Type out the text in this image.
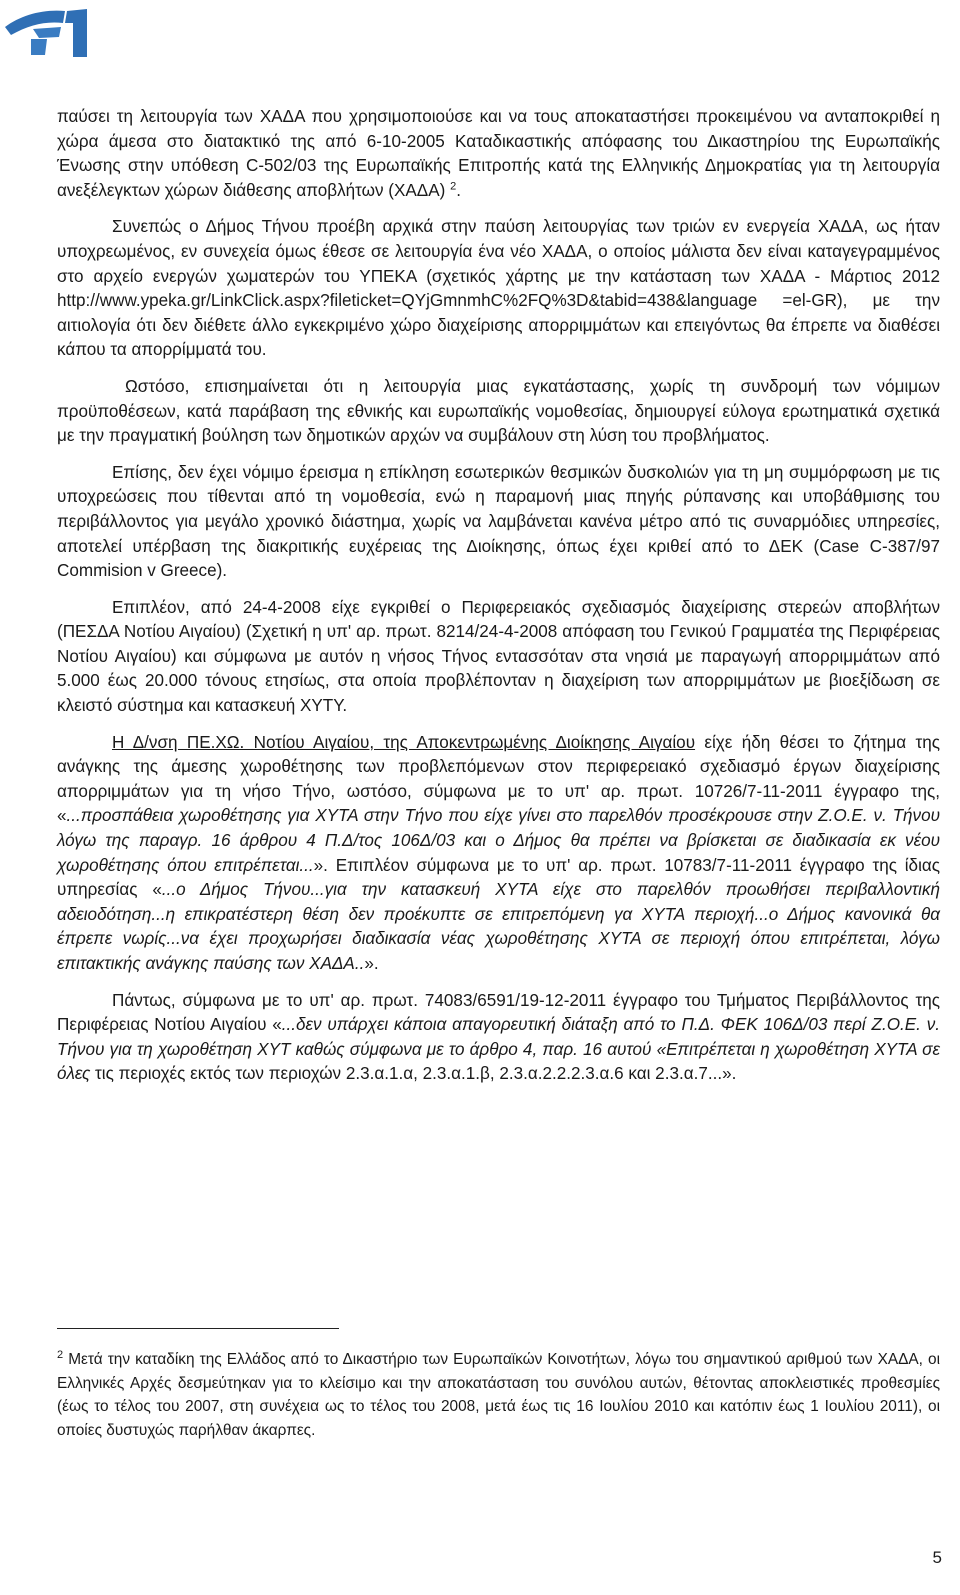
παύσει τη λειτουργία των ΧΑΔΑ που χρησιμοποιούσε και να τους αποκαταστήσει προκειμένου να ανταποκριθεί η χώρα άμεσα στο διατακτικό της από 6-10-2005 Καταδικαστικής απόφασης του Δικαστηρίου της Ευρωπαϊκής Ένωσης στην υπόθεση C-502/03 της Ευρωπαϊκής Επιτροπής κατά της Ελληνικής Δημοκρατίας για τη λειτουργία ανεξέλεγκτων χώρων διάθεσης αποβλήτων (ΧΑΔΑ) $^2$.

Συνεπώς ο Δήμος Τήνου προέβη αρχικά στην παύση λειτουργίας των τριών εν ενεργεία ΧΑΔΑ, ως ήταν υποχρεωμένος, εν συνεχεία όμως έθεσε σε λειτουργία ένα νέο ΧΑΔΑ, ο οποίος μάλιστα δεν είναι καταγεγραμμένος στο αρχείο ενεργών χωματερών του ΥΠΕΚΑ (σχετικός χάρτης με την κατάσταση των ΧΑΔΑ - Μάρτιος 2012 http://www.ypeka.gr/LinkClick.aspx?fileticket=QYjGmnmhC%2FQ%3D&tabid=438&language =el-GR), με την αιτιολογία ότι δεν διέθετε άλλο εγκεκριμένο χώρο διαχείρισης απορριμμάτων και επειγόντως θα έπρεπε να διαθέσει κάπου τα απορρίμματά του.

Ωστόσο, επισημαίνεται ότι η λειτουργία μιας εγκατάστασης, χωρίς τη συνδρομή των νόμιμων προϋποθέσεων, κατά παράβαση της εθνικής και ευρωπαϊκής νομοθεσίας, δημιουργεί εύλογα ερωτηματικά σχετικά με την πραγματική βούληση των δημοτικών αρχών να συμβάλουν στη λύση του προβλήματος.

Επίσης, δεν έχει νόμιμο έρεισμα η επίκληση εσωτερικών θεσμικών δυσκολιών για τη μη συμμόρφωση με τις υποχρεώσεις που τίθενται από τη νομοθεσία, ενώ η παραμονή μιας πηγής ρύπανσης και υποβάθμισης του περιβάλλοντος για μεγάλο χρονικό διάστημα, χωρίς να λαμβάνεται κανένα μέτρο από τις συναρμόδιες υπηρεσίες, αποτελεί υπέρβαση της διακριτικής ευχέρειας της Διοίκησης, όπως έχει κριθεί από το ΔΕΚ (Case C-387/97 Commision v Greece).

Επιπλέον, από 24-4-2008 είχε εγκριθεί ο Περιφερειακός σχεδιασμός διαχείρισης στερεών αποβλήτων (ΠΕΣΔΑ Νοτίου Αιγαίου) (Σχετική η υπ' αρ. πρωτ. 8214/24-4-2008 απόφαση του Γενικού Γραμματέα της Περιφέρειας Νοτίου Αιγαίου) και σύμφωνα με αυτόν η νήσος Τήνος εντασσόταν στα νησιά με παραγωγή απορριμμάτων από 5.000 έως 20.000 τόνους ετησίως, στα οποία προβλέπονταν η διαχείριση των απορριμμάτων με βιοεξίδωση σε κλειστό σύστημα και κατασκευή ΧΥΤΥ.

Η Δ/νση ΠΕ.ΧΩ. Νοτίου Αιγαίου, της Αποκεντρωμένης Διοίκησης Αιγαίου είχε ήδη θέσει το ζήτημα της ανάγκης της άμεσης χωροθέτησης των προβλεπόμενων στον περιφερειακό σχεδιασμό έργων διαχείρισης απορριμμάτων για τη νήσο Τήνο, ωστόσο, σύμφωνα με το υπ' αρ. πρωτ. 10726/7-11-2011 έγγραφο της, «...προσπάθεια χωροθέτησης για ΧΥΤΑ στην Τήνο που είχε γίνει στο παρελθόν προσέκρουσε στην Ζ.Ο.Ε. ν. Τήνου λόγω της παραγρ. 16 άρθρου 4 Π.Δ/τος 106Δ/03 και ο Δήμος θα πρέπει να βρίσκεται σε διαδικασία εκ νέου χωροθέτησης όπου επιτρέπεται...». Επιπλέον σύμφωνα με το υπ' αρ. πρωτ. 10783/7-11-2011 έγγραφο της ίδιας υπηρεσίας «...ο Δήμος Τήνου...για την κατασκευή ΧΥΤΑ είχε στο παρελθόν προωθήσει περιβαλλοντική αδειοδότηση...η επικρατέστερη θέση δεν προέκυπτε σε επιτρεπόμενη γα ΧΥΤΑ περιοχή...ο Δήμος κανονικά θα έπρεπε νωρίς...να έχει προχωρήσει διαδικασία νέας χωροθέτησης ΧΥΤΑ σε περιοχή όπου επιτρέπεται, λόγω επιτακτικής ανάγκης παύσης των ΧΑΔΑ..».

Πάντως, σύμφωνα με το υπ' αρ. πρωτ. 74083/6591/19-12-2011 έγγραφο του Τμήματος Περιβάλλοντος της Περιφέρειας Νοτίου Αιγαίου «...δεν υπάρχει κάποια απαγορευτική διάταξη από το Π.Δ. ΦΕΚ 106Δ/03 περί Ζ.Ο.Ε. ν. Τήνου για τη χωροθέτηση ΧΥΤ καθώς σύμφωνα με το άρθρο 4, παρ. 16 αυτού «Επιτρέπεται η χωροθέτηση ΧΥΤΑ σε όλες τις περιοχές εκτός των περιοχών 2.3.α.1.α, 2.3.α.1.β, 2.3.α.2.2.2.3.α.6 και 2.3.α.7...».

$^2$ Μετά την καταδίκη της Ελλάδος από το Δικαστήριο των Ευρωπαϊκών Κοινοτήτων, λόγω του σημαντικού αριθμού των ΧΑΔΑ, οι Ελληνικές Αρχές δεσμεύτηκαν για το κλείσιμο και την αποκατάσταση του συνόλου αυτών, θέτοντας αποκλειστικές προθεσμίες (έως το τέλος του 2007, στη συνέχεια ως το τέλος του 2008, μετά έως τις 16 Ιουλίου 2010 και κατόπιν έως 1 Ιουλίου 2011), οι οποίες δυστυχώς παρήλθαν άκαρπες.
5
